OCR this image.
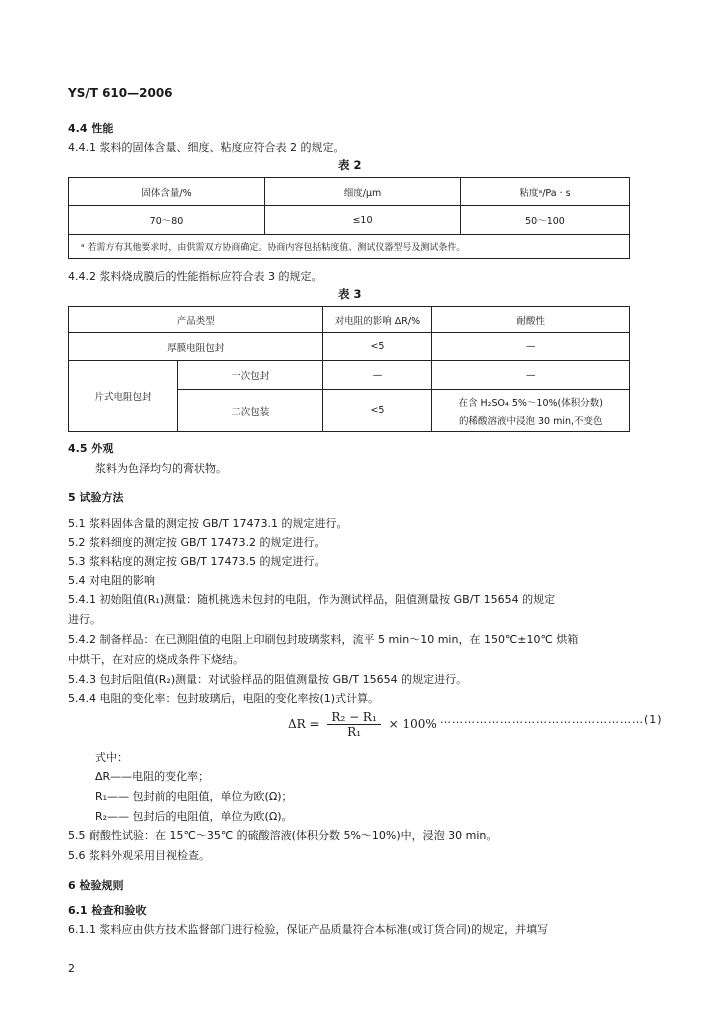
YS/T 610—2006
4.4 性能
4.4.1 浆料的固体含量、细度、粘度应符合表 2 的规定。
表 2
固体含量/%	细度/μm	粘度ᵃ/Pa · s
70～80	≤10	50～100
ᵃ 若需方有其他要求时，由供需双方协商确定。协商内容包括粘度值、测试仪器型号及测试条件。		
4.4.2 浆料烧成膜后的性能指标应符合表 3 的规定。
表 3
产品类型		对电阻的影响 ΔR/%	耐酸性
厚膜电阻包封		<5	—
片式电阻包封	一次包封	—	—
	二次包装	<5	在含 H₂SO₄ 5%～10%(体积分数)
的稀酸溶液中浸泡 30 min,不变色
4.5 外观
浆料为色泽均匀的膏状物。
5 试验方法
5.1 浆料固体含量的测定按 GB/T 17473.1 的规定进行。
5.2 浆料细度的测定按 GB/T 17473.2 的规定进行。
5.3 浆料粘度的测定按 GB/T 17473.5 的规定进行。
5.4 对电阻的影响
5.4.1 初始阻值(R₁)测量：随机挑选未包封的电阻，作为测试样品，阻值测量按 GB/T 15654 的规定
进行。
5.4.2 制备样品：在已测阻值的电阻上印刷包封玻璃浆料，流平 5 min～10 min，在 150℃±10℃ 烘箱
中烘干，在对应的烧成条件下烧结。
5.4.3 包封后阻值(R₂)测量：对试验样品的阻值测量按 GB/T 15654 的规定进行。
5.4.4 电阻的变化率：包封玻璃后，电阻的变化率按(1)式计算。
$\Delta R = \frac{\text{R₂ − R₁}}{\text{R₁}} \times 100\%$ ……………………………………………(1)
式中：
ΔR——电阻的变化率；
R₁—— 包封前的电阻值，单位为欧(Ω)；
R₂—— 包封后的电阻值，单位为欧(Ω)。
5.5 耐酸性试验：在 15℃～35℃ 的硫酸溶液(体积分数 5%～10%)中，浸泡 30 min。
5.6 浆料外观采用目视检查。
6 检验规则
6.1 检查和验收
6.1.1 浆料应由供方技术监督部门进行检验，保证产品质量符合本标准(或订货合同)的规定，并填写
2
